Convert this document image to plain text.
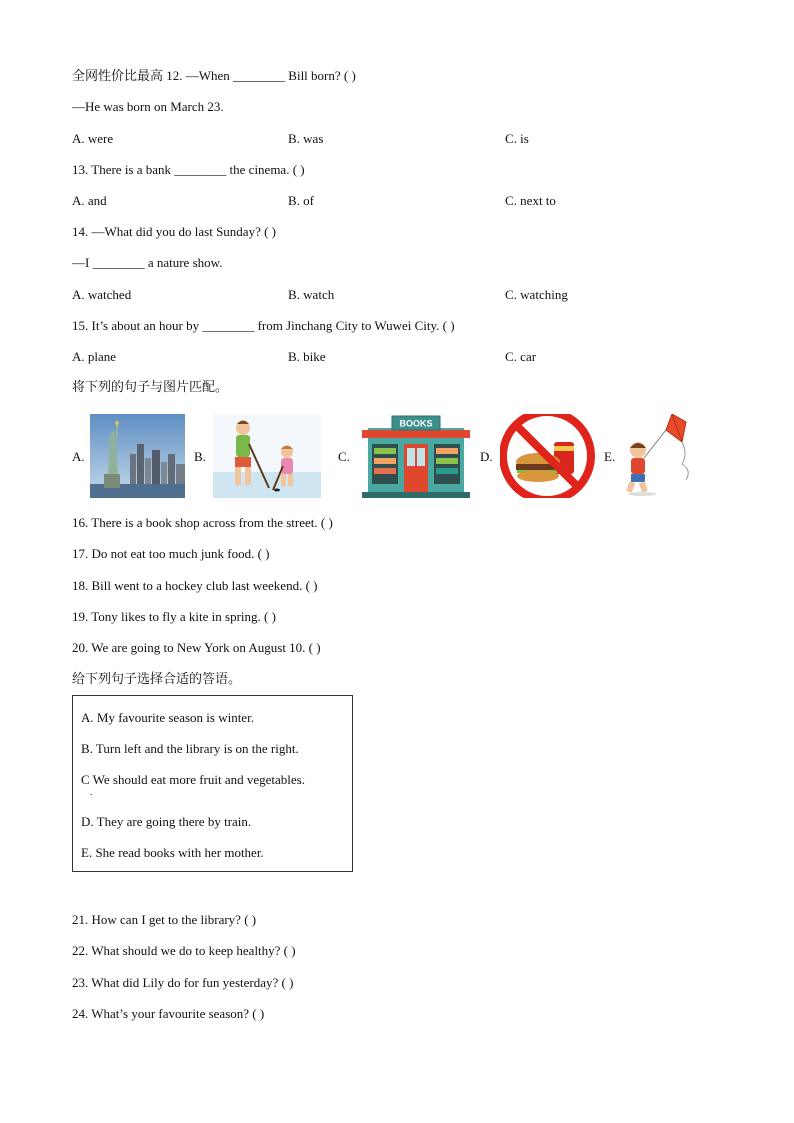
全网性价比最高 12. —When ________ Bill born? ( )
—He was born on March 23.
A. were	B. was	C. is
13. There is a bank ________ the cinema. ( )
A. and	B. of	C. next to
14. —What did you do last Sunday? ( )
—I ________ a nature show.
A. watched	B. watch	C. watching
15. It’s about an hour by ________ from Jinchang City to Wuwei City. ( )
A. plane	B. bike	C. car
将下列的句子与图片匹配。
A.	B.	C.
BOOKS
D.	E.
16. There is a book shop across from the street. ( )
17. Do not eat too much junk food. ( )
18. Bill went to a hockey club last weekend. ( )
19. Tony likes to fly a kite in spring. ( )
20. We are going to New York on August 10. ( )
给下列句子选择合适的答语。
A. My favourite season is winter.
B. Turn left and the library is on the right.
C We should eat more fruit and vegetables.
.
D. They are going there by train.
E. She read books with her mother.
21. How can I get to the library? ( )
22. What should we do to keep healthy? ( )
23. What did Lily do for fun yesterday? ( )
24. What’s your favourite season? ( )
